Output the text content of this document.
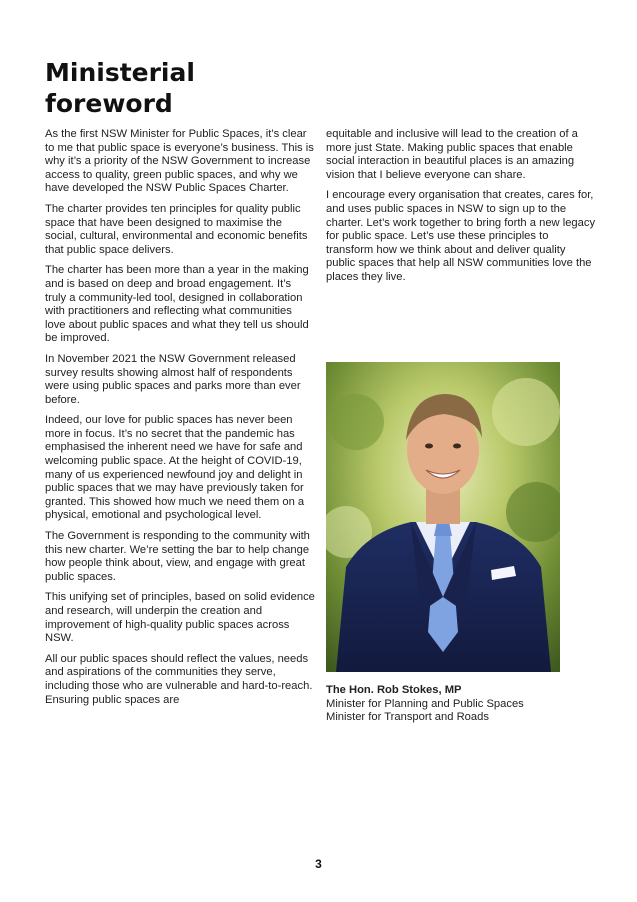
Ministerial
foreword

As the first NSW Minister for Public Spaces, it’s clear to me that public space is everyone’s business. This is why it’s a priority of the NSW Government to increase access to quality, green public spaces, and why we have developed the NSW Public Spaces Charter.

The charter provides ten principles for quality public space that have been designed to maximise the social, cultural, environmental and economic benefits that public space delivers.

The charter has been more than a year in the making and is based on deep and broad engagement. It’s truly a community-led tool, designed in collaboration with practitioners and reflecting what communities love about public spaces and what they tell us should be improved.

In November 2021 the NSW Government released survey results showing almost half of respondents were using public spaces and parks more than ever before.

Indeed, our love for public spaces has never been more in focus. It’s no secret that the pandemic has emphasised the inherent need we have for safe and welcoming public space. At the height of COVID-19, many of us experienced newfound joy and delight in public spaces that we may have previously taken for granted. This showed how much we need them on a physical, emotional and psychological level.

The Government is responding to the community with this new charter. We’re setting the bar to help change how people think about, view, and engage with great public spaces.

This unifying set of principles, based on solid evidence and research, will underpin the creation and improvement of high-quality public spaces across NSW.

All our public spaces should reflect the values, needs and aspirations of the communities they serve, including those who are vulnerable and hard-to-reach. Ensuring public spaces are

equitable and inclusive will lead to the creation of a more just State. Making public spaces that enable social interaction in beautiful places is an amazing vision that I believe everyone can share.

I encourage every organisation that creates, cares for, and uses public spaces in NSW to sign up to the charter. Let’s work together to bring forth a new legacy for public space. Let’s use these principles to transform how we think about and deliver quality public spaces that help all NSW communities love the places they live.

The Hon. Rob Stokes, MP
Minister for Planning and Public Spaces
Minister for Transport and Roads
3
